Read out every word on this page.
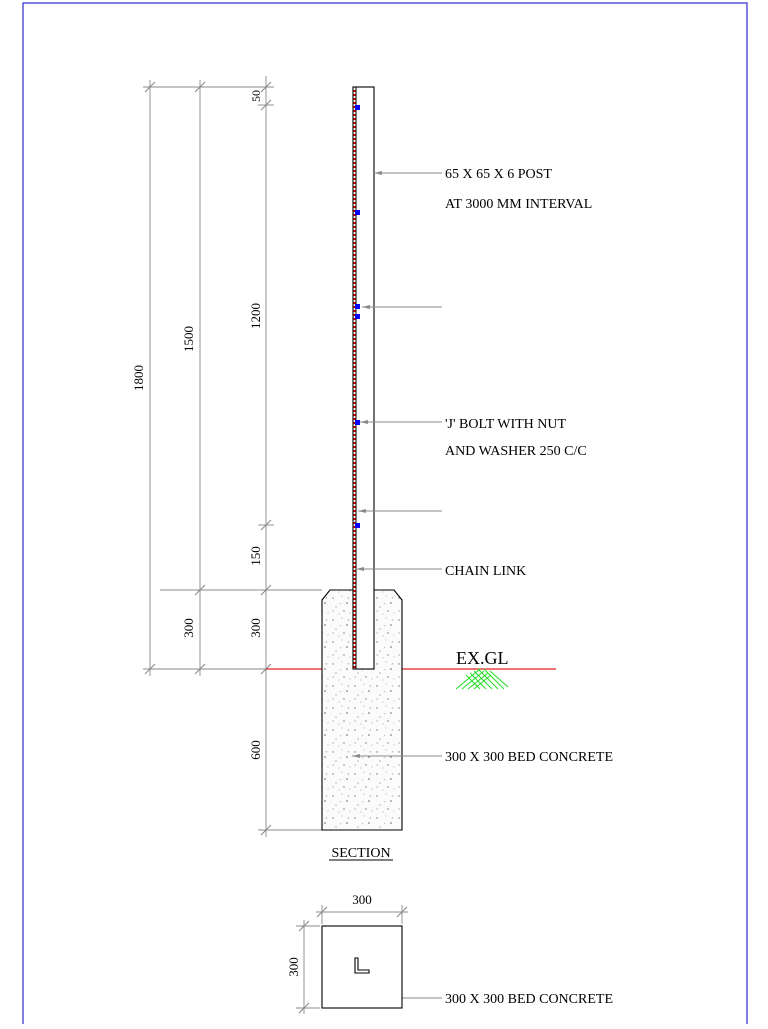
1800
1500
300
50
1200
150
300
600
EX.GL
65 X 65 X 6 POST
AT 3000 MM INTERVAL
'J' BOLT WITH NUT
AND WASHER 250 C/C
CHAIN LINK
300 X 300 BED CONCRETE
SECTION
300
300
300 X 300 BED CONCRETE
